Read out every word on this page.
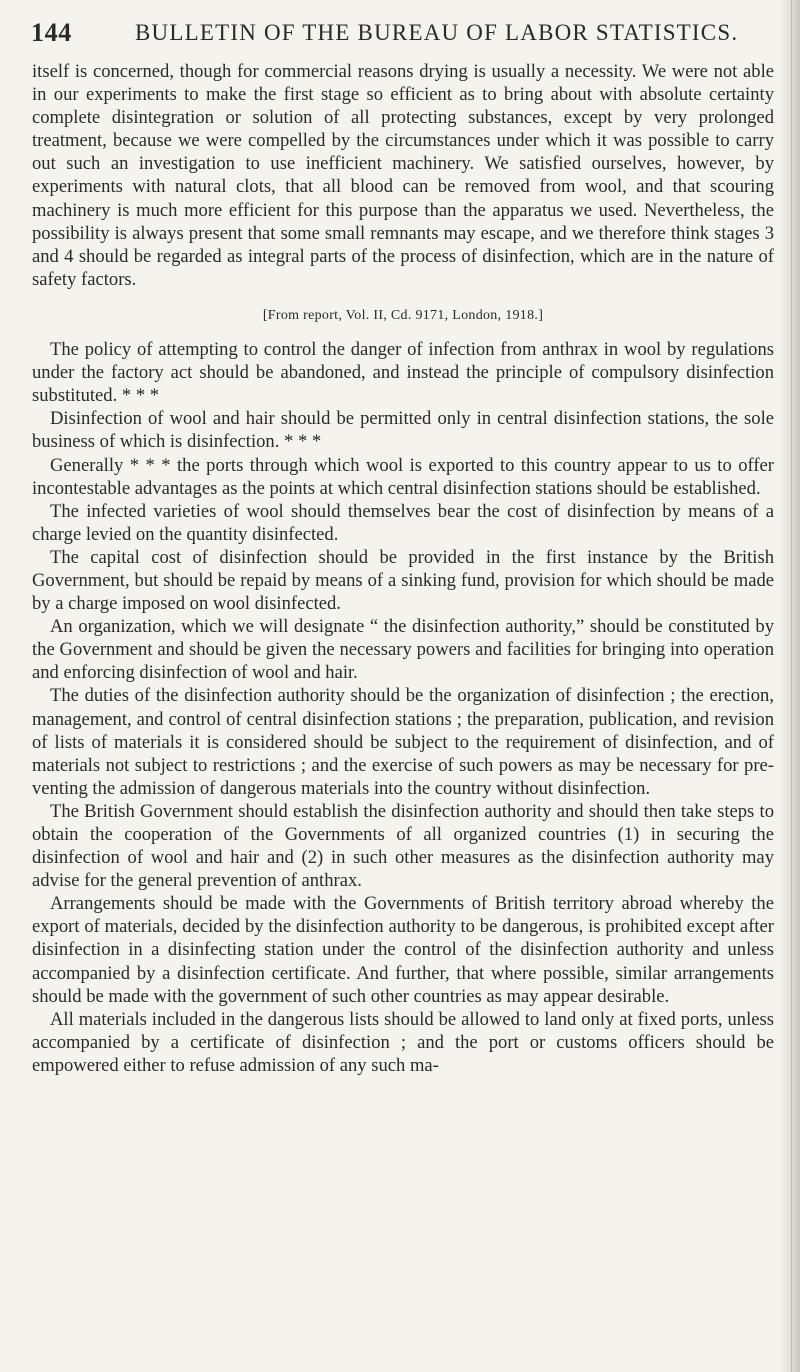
144	BULLETIN OF THE BUREAU OF LABOR STATISTICS.

itself is concerned, though for commercial reasons drying is usually a necessity. We were not able in our experiments to make the first stage so efficient as to bring about with absolute certainty complete disintegration or solution of all protecting substances, except by very prolonged treatment, because we were compelled by the circumstances under which it was possible to carry out such an investigation to use inefficient machinery. We satisfied ourselves, however, by experiments with natural clots, that all blood can be removed from wool, and that scouring machinery is much more efficient for this purpose than the apparatus we used. Nevertheless, the possibility is always present that some small remnants may escape, and we therefore think stages 3 and 4 should be regarded as integral parts of the process of disinfection, which are in the nature of safety factors.

[From report, Vol. II, Cd. 9171, London, 1918.]

The policy of attempting to control the danger of infection from anthrax in wool by regulations under the factory act should be abandoned, and instead the principle of compulsory disinfection substituted. * * *

Disinfection of wool and hair should be permitted only in central disinfection stations, the sole business of which is disinfection. * * *

Generally * * * the ports through which wool is exported to this country appear to us to offer incontestable advantages as the points at which central disinfection stations should be established.

The infected varieties of wool should themselves bear the cost of disinfection by means of a charge levied on the quantity disinfected.

The capital cost of disinfection should be provided in the first instance by the British Government, but should be repaid by means of a sinking fund, provision for which should be made by a charge imposed on wool disinfected.

An organization, which we will designate “ the disinfection authority,” should be constituted by the Government and should be given the necessary powers and facilities for bringing into operation and enforcing disinfection of wool and hair.

The duties of the disinfection authority should be the organization of disinfection ; the erection, management, and control of central disinfection stations ; the preparation, publication, and revision of lists of materials it is considered should be subject to the requirement of disinfection, and of materials not subject to restrictions ; and the exercise of such powers as may be necessary for preventing the admission of dangerous materials into the country without disinfection.

The British Government should establish the disinfection authority and should then take steps to obtain the cooperation of the Governments of all organized countries (1) in securing the disinfection of wool and hair and (2) in such other measures as the disinfection authority may advise for the general prevention of anthrax.

Arrangements should be made with the Governments of British territory abroad whereby the export of materials, decided by the disinfection authority to be dangerous, is prohibited except after disinfection in a disinfecting station under the control of the disinfection authority and unless accompanied by a disinfection certificate. And further, that where possible, similar arrangements should be made with the government of such other countries as may appear desirable.

All materials included in the dangerous lists should be allowed to land only at fixed ports, unless accompanied by a certificate of disinfection ; and the port or customs officers should be empowered either to refuse admission of any such ma-
